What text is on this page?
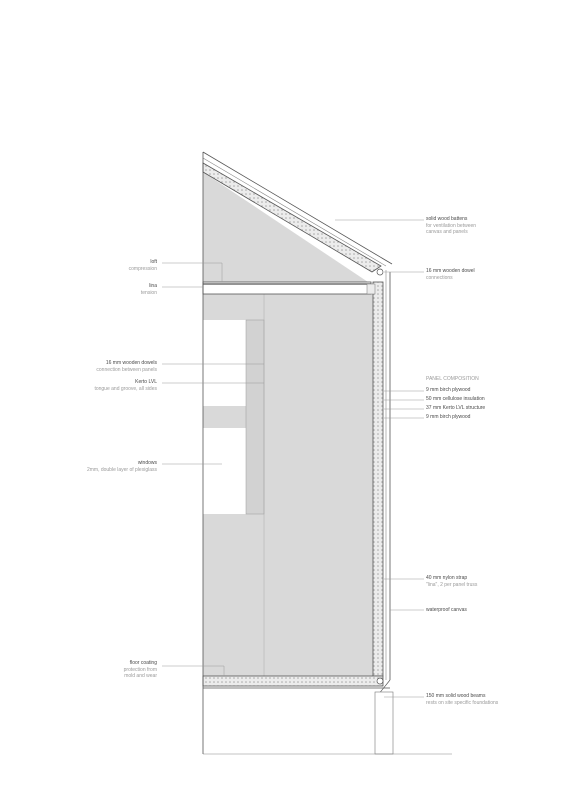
loft
compression
lina
tension
16 mm wooden dowels
connection between panels
Kerto LVL
tongue and groove, all sides
windows
2mm, double layer of plexiglass
floor coating
protection from
mold and wear
solid wood battens
for ventilation between
canvas and panels
16 mm wooden dowel
connections
PANEL COMPOSITION
9 mm birch plywood
50 mm cellulose insulation
37 mm Kerto LVL structure
9 mm birch plywood
40 mm nylon strap
"lina", 2 per panel truss
waterproof canvas
150 mm solid wood beams
rests on site specific foundations
